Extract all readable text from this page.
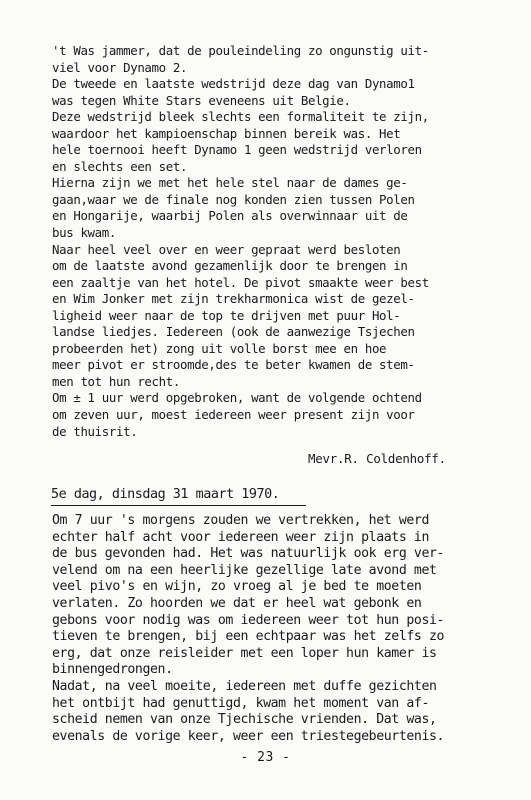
't Was jammer, dat de pouleindeling zo ongunstig uit-
viel voor Dynamo 2.
De tweede en laatste wedstrijd deze dag van Dynamo1
was tegen White Stars eveneens uit Belgie.
Deze wedstrijd bleek slechts een formaliteit te zijn,
waardoor het kampioenschap binnen bereik was. Het
hele toernooi heeft Dynamo 1 geen wedstrijd verloren
en slechts een set.
Hierna zijn we met het hele stel naar de dames ge-
gaan,waar we de finale nog konden zien tussen Polen
en Hongarije, waarbij Polen als overwinnaar uit de
bus kwam.
Naar heel veel over en weer gepraat werd besloten
om de laatste avond gezamenlijk door te brengen in
een zaaltje van het hotel. De pivot smaakte weer best
en Wim Jonker met zijn trekharmonica wist de gezel-
ligheid weer naar de top te drijven met puur Hol-
landse liedjes. Iedereen (ook de aanwezige Tsjechen
probeerden het) zong uit volle borst mee en hoe
meer pivot er stroomde,des te beter kwamen de stem-
men tot hun recht.
Om ± 1 uur werd opgebroken, want de volgende ochtend
om zeven uur, moest iedereen weer present zijn voor
de thuisrit.
Mevr.R. Coldenhoff.
5e dag, dinsdag 31 maart 1970.
Om 7 uur 's morgens zouden we vertrekken, het werd
echter half acht voor iedereen weer zijn plaats in
de bus gevonden had. Het was natuurlijk ook erg ver-
velend om na een heerlijke gezellige late avond met
veel pivo's en wijn, zo vroeg al je bed te moeten
verlaten. Zo hoorden we dat er heel wat gebonk en
gebons voor nodig was om iedereen weer tot hun posi-
tieven te brengen, bij een echtpaar was het zelfs zo
erg, dat onze reisleider met een loper hun kamer is
binnengedrongen.
Nadat, na veel moeite, iedereen met duffe gezichten
het ontbijt had genuttigd, kwam het moment van af-
scheid nemen van onze Tjechische vrienden. Dat was,
evenals de vorige keer, weer een triestegebeurtenis.
- 23 -
